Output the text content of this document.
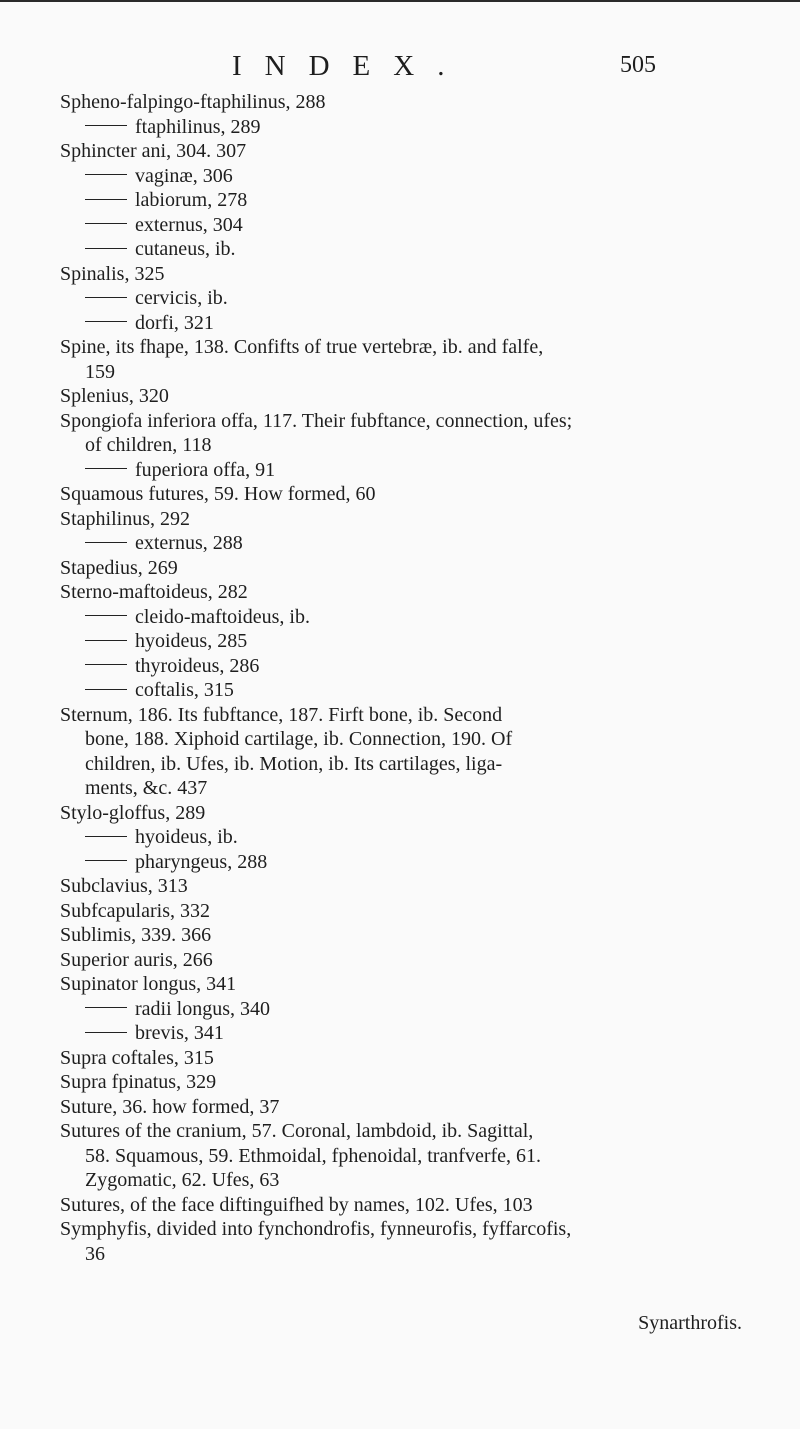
INDEX.	505
Spheno-falpingo-ftaphilinus, 288
ftaphilinus, 289
Sphincter ani, 304. 307
vaginæ, 306
labiorum, 278
externus, 304
cutaneus, ib.
Spinalis, 325
cervicis, ib.
dorfi, 321
Spine, its fhape, 138. Confifts of true vertebræ, ib. and falfe,
159
Splenius, 320
Spongiofa inferiora offa, 117. Their fubftance, connection, ufes;
of children, 118
fuperiora offa, 91
Squamous futures, 59. How formed, 60
Staphilinus, 292
externus, 288
Stapedius, 269
Sterno-maftoideus, 282
cleido-maftoideus, ib.
hyoideus, 285
thyroideus, 286
coftalis, 315
Sternum, 186. Its fubftance, 187. Firft bone, ib. Second
bone, 188. Xiphoid cartilage, ib. Connection, 190. Of
children, ib. Ufes, ib. Motion, ib. Its cartilages, liga-
ments, &c. 437
Stylo-gloffus, 289
hyoideus, ib.
pharyngeus, 288
Subclavius, 313
Subfcapularis, 332
Sublimis, 339. 366
Superior auris, 266
Supinator longus, 341
radii longus, 340
brevis, 341
Supra coftales, 315
Supra fpinatus, 329
Suture, 36. how formed, 37
Sutures of the cranium, 57. Coronal, lambdoid, ib. Sagittal,
58. Squamous, 59. Ethmoidal, fphenoidal, tranfverfe, 61.
Zygomatic, 62. Ufes, 63
Sutures, of the face diftinguifhed by names, 102. Ufes, 103
Symphyfis, divided into fynchondrofis, fynneurofis, fyffarcofis,
36
Synarthrofis.
